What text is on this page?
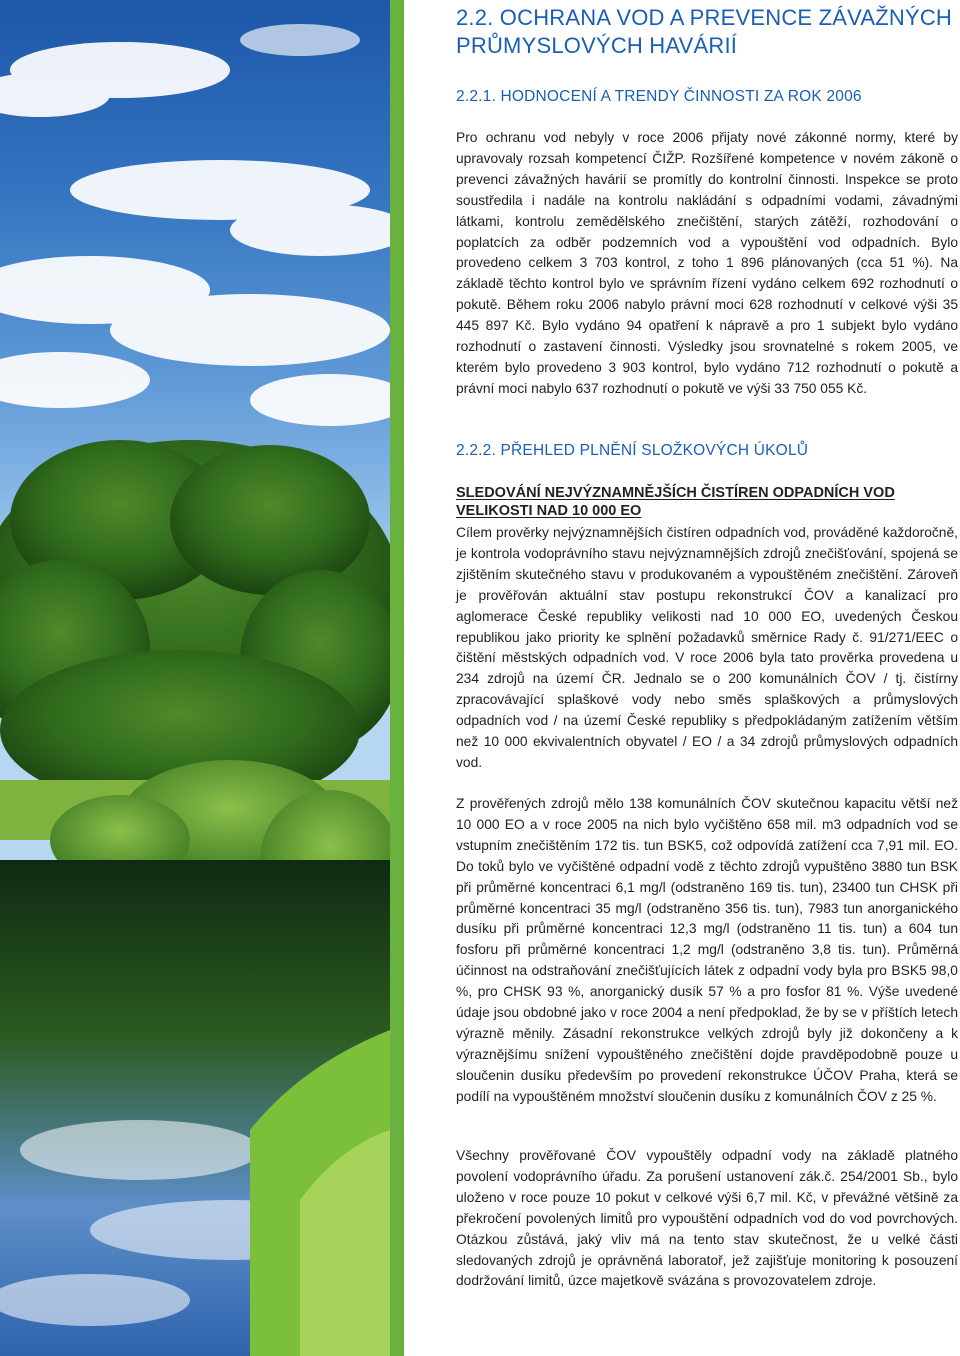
2.2. OCHRANA VOD A PREVENCE ZÁVAŽNÝCH
PRŮMYSLOVÝCH HAVÁRIÍ
2.2.1. HODNOCENÍ A TRENDY ČINNOSTI ZA ROK 2006

Pro ochranu vod nebyly v roce 2006 přijaty nové zákonné normy, které by upravovaly rozsah kompetencí ČIŽP. Rozšířené kompetence v novém zákoně o prevenci závažných havárií se promítly do kontrolní činnosti. Inspekce se proto soustředila i nadále na kontrolu nakládání s odpadními vodami, závadnými látkami, kontrolu zemědělského znečištění, starých zátěží, rozhodování o poplatcích za odběr podzemních vod a vypouštění vod odpadních. Bylo provedeno celkem 3 703 kontrol, z toho 1 896 plánovaných (cca 51 %). Na základě těchto kontrol bylo ve správním řízení vydáno celkem 692 rozhodnutí o pokutě. Během roku 2006 nabylo právní moci 628 rozhodnutí v celkové výši 35 445 897 Kč. Bylo vydáno 94 opatření k nápravě a pro 1 subjekt bylo vydáno rozhodnutí o zastavení činnosti. Výsledky jsou srovnatelné s rokem 2005, ve kterém bylo provedeno 3 903 kontrol, bylo vydáno 712 rozhodnutí o pokutě a právní moci nabylo 637 rozhodnutí o pokutě ve výši 33 750 055 Kč.

2.2.2. PŘEHLED PLNĚNÍ SLOŽKOVÝCH ÚKOLŮ
SLEDOVÁNÍ NEJVÝZNAMNĚJŠÍCH ČISTÍREN ODPADNÍCH VOD
VELIKOSTI NAD 10 000 EO

Cílem prověrky nejvýznamnějších čistíren odpadních vod, prováděné každoročně, je kontrola vodoprávního stavu nejvýznamnějších zdrojů znečišťování, spojená se zjištěním skutečného stavu v produkovaném a vypouštěném znečištění. Zároveň je prověřován aktuální stav postupu rekonstrukcí ČOV a kanalizací pro aglomerace České republiky velikosti nad 10 000 EO, uvedených Českou republikou jako priority ke splnění požadavků směrnice Rady č. 91/271/EEC o čištění městských odpadních vod. V roce 2006 byla tato prověrka provedena u 234 zdrojů na území ČR. Jednalo se o 200 komunálních ČOV / tj. čistírny zpracovávající splaškové vody nebo směs splaškových a průmyslových odpadních vod / na území České republiky s předpokládaným zatížením větším než 10 000 ekvivalentních obyvatel / EO / a 34 zdrojů průmyslových odpadních vod.

Z prověřených zdrojů mělo 138 komunálních ČOV skutečnou kapacitu větší než 10 000 EO a v roce 2005 na nich bylo vyčištěno 658 mil. m3 odpadních vod se vstupním znečištěním 172 tis. tun BSK5, což odpovídá zatížení cca 7,91 mil. EO. Do toků bylo ve vyčištěné odpadní vodě z těchto zdrojů vypuštěno 3880 tun BSK při průměrné koncentraci 6,1 mg/l (odstraněno 169 tis. tun), 23400 tun CHSK při průměrné koncentraci 35 mg/l (odstraněno 356 tis. tun), 7983 tun anorganického dusíku při průměrné koncentraci 12,3 mg/l (odstraněno 11 tis. tun) a 604 tun fosforu při průměrné koncentraci 1,2 mg/l (odstraněno 3,8 tis. tun). Průměrná účinnost na odstraňování znečišťujících látek z odpadní vody byla pro BSK5 98,0 %, pro CHSK 93 %, anorganický dusík 57 % a pro fosfor 81 %. Výše uvedené údaje jsou obdobné jako v roce 2004 a není předpoklad, že by se v příštích letech výrazně měnily. Zásadní rekonstrukce velkých zdrojů byly již dokončeny a k výraznějšímu snížení vypouštěného znečištění dojde pravděpodobně pouze u sloučenin dusíku především po provedení rekonstrukce ÚČOV Praha, která se podílí na vypouštěném množství sloučenin dusíku z komunálních ČOV z 25 %.

Všechny prověřované ČOV vypouštěly odpadní vody na základě platného povolení vodoprávního úřadu. Za porušení ustanovení zák.č. 254/2001 Sb., bylo uloženo v roce pouze 10 pokut v celkové výši 6,7 mil. Kč, v převážné většině za překročení povolených limitů pro vypouštění odpadních vod do vod povrchových. Otázkou zůstává, jaký vliv má na tento stav skutečnost, že u velké části sledovaných zdrojů je oprávněná laboratoř, jež zajišťuje monitoring k posouzení dodržování limitů, úzce majetkově svázána s provozovatelem zdroje.
